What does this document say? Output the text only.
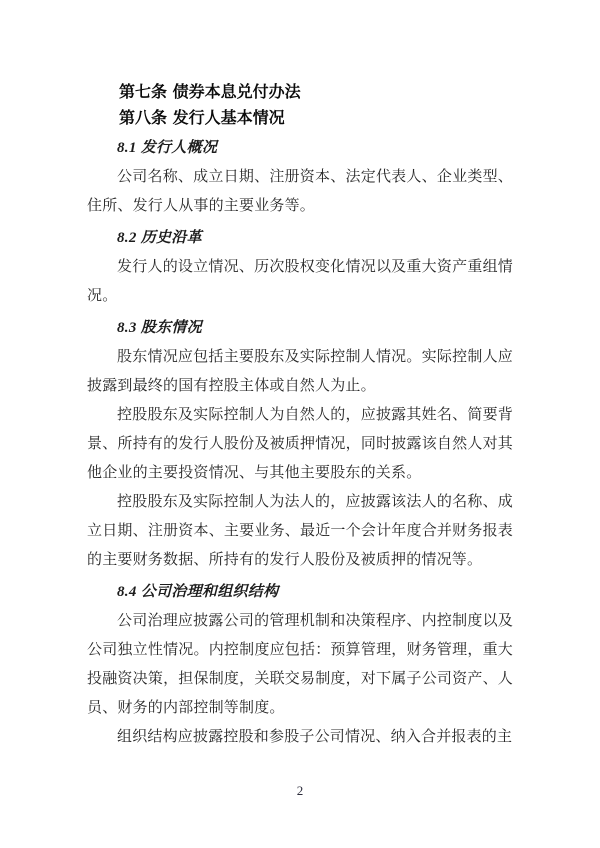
第七条 债券本息兑付办法

第八条 发行人基本情况

8.1 发行人概况

公司名称、成立日期、注册资本、法定代表人、企业类型、住所、发行人从事的主要业务等。

8.2 历史沿革

发行人的设立情况、历次股权变化情况以及重大资产重组情况。

8.3 股东情况

股东情况应包括主要股东及实际控制人情况。实际控制人应披露到最终的国有控股主体或自然人为止。

控股股东及实际控制人为自然人的，应披露其姓名、简要背景、所持有的发行人股份及被质押情况，同时披露该自然人对其他企业的主要投资情况、与其他主要股东的关系。

控股股东及实际控制人为法人的，应披露该法人的名称、成立日期、注册资本、主要业务、最近一个会计年度合并财务报表的主要财务数据、所持有的发行人股份及被质押的情况等。

8.4 公司治理和组织结构

公司治理应披露公司的管理机制和决策程序、内控制度以及公司独立性情况。内控制度应包括：预算管理，财务管理，重大投融资决策，担保制度，关联交易制度，对下属子公司资产、人员、财务的内部控制等制度。

组织结构应披露控股和参股子公司情况、纳入合并报表的主

2
